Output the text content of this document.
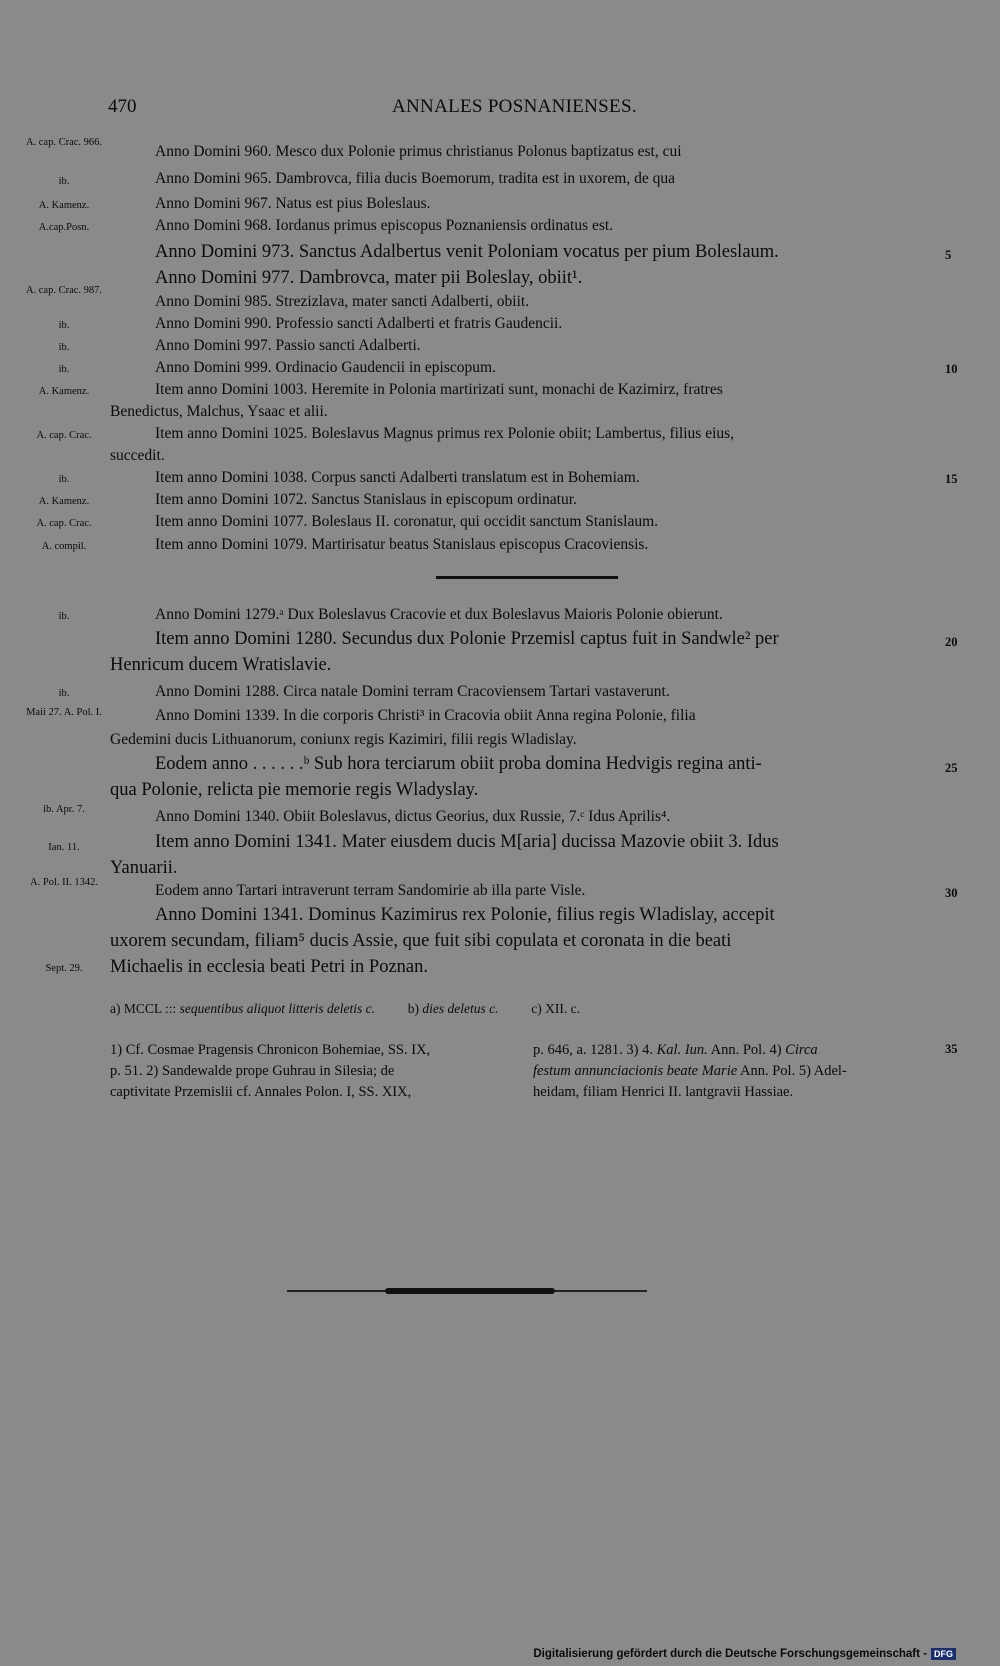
470	ANNALES POSNANIENSES.
A. cap. Crac. 966.
ib.
A. Kamenz.
A.cap.Posn.
A. cap. Crac. 987.
ib.
ib.
ib.
A. Kamenz.
A. cap. Crac.
ib.
A. Kamenz.
A. cap. Crac.
A. compil.
ib.
ib.
Maii 27. A. Pol. I.
ib. Apr. 7.
Ian. 11.
A. Pol. II. 1342.
Sept. 29.
Anno Domini 960. Mesco dux Polonie primus christianus Polonus baptizatus est, cui
Anno Domini 965. Dambrovca, filia ducis Boemorum, tradita est in uxorem, de qua
Anno Domini 967. Natus est pius Boleslaus.
Anno Domini 968. Iordanus primus episcopus Poznaniensis ordinatus est.
Anno Domini 973. Sanctus Adalbertus venit Poloniam vocatus per pium Boleslaum.
Anno Domini 977. Dambrovca, mater pii Boleslay, obiit¹.
Anno Domini 985. Strezizlava, mater sancti Adalberti, obiit.
Anno Domini 990. Professio sancti Adalberti et fratris Gaudencii.
Anno Domini 997. Passio sancti Adalberti.
Anno Domini 999. Ordinacio Gaudencii in episcopum.
Item anno Domini 1003. Heremite in Polonia martirizati sunt, monachi de Kazimirz, fratres
Benedictus, Malchus, Ysaac et alii.
Item anno Domini 1025. Boleslavus Magnus primus rex Polonie obiit; Lambertus, filius eius,
succedit.
Item anno Domini 1038. Corpus sancti Adalberti translatum est in Bohemiam.
Item anno Domini 1072. Sanctus Stanislaus in episcopum ordinatur.
Item anno Domini 1077. Boleslaus II. coronatur, qui occidit sanctum Stanislaum.
Item anno Domini 1079. Martirisatur beatus Stanislaus episcopus Cracoviensis.
Anno Domini 1279.ᵃ Dux Boleslavus Cracovie et dux Boleslavus Maioris Polonie obierunt.
Item anno Domini 1280. Secundus dux Polonie Przemisl captus fuit in Sandwle² per
Henricum ducem Wratislavie.
Anno Domini 1288. Circa natale Domini terram Cracoviensem Tartari vastaverunt.
Anno Domini 1339. In die corporis Christi³ in Cracovia obiit Anna regina Polonie, filia
Gedemini ducis Lithuanorum, coniunx regis Kazimiri, filii regis Wladislay.
Eodem anno . . . . . .ᵇ Sub hora terciarum obiit proba domina Hedvigis regina anti-
qua Polonie, relicta pie memorie regis Wladyslay.
Anno Domini 1340. Obiit Boleslavus, dictus Georius, dux Russie, 7.ᶜ Idus Aprilis⁴.
Item anno Domini 1341. Mater eiusdem ducis M[aria] ducissa Mazovie obiit 3. Idus
Yanuarii.
Eodem anno Tartari intraverunt terram Sandomirie ab illa parte Visle.
Anno Domini 1341. Dominus Kazimirus rex Polonie, filius regis Wladislay, accepit
uxorem secundam, filiam⁵ ducis Assie, que fuit sibi copulata et coronata in die beati
Michaelis in ecclesia beati Petri in Poznan.
5
10
15
20
25
30
a) MCCL ::: sequentibus aliquot litteris deletis c. b) dies deletus c. c) XII. c.
1) Cf. Cosmae Pragensis Chronicon Bohemiae, SS. IX,
p. 51. 2) Sandewalde prope Guhrau in Silesia; de
captivitate Przemislii cf. Annales Polon. I, SS. XIX,
p. 646, a. 1281. 3) 4. Kal. Iun. Ann. Pol. 4) Circa
festum annunciacionis beate Marie Ann. Pol. 5) Adel-
heidam, filiam Henrici II. lantgravii Hassiae.
35
Digitalisierung gefördert durch die Deutsche Forschungsgemeinschaft - DFG
